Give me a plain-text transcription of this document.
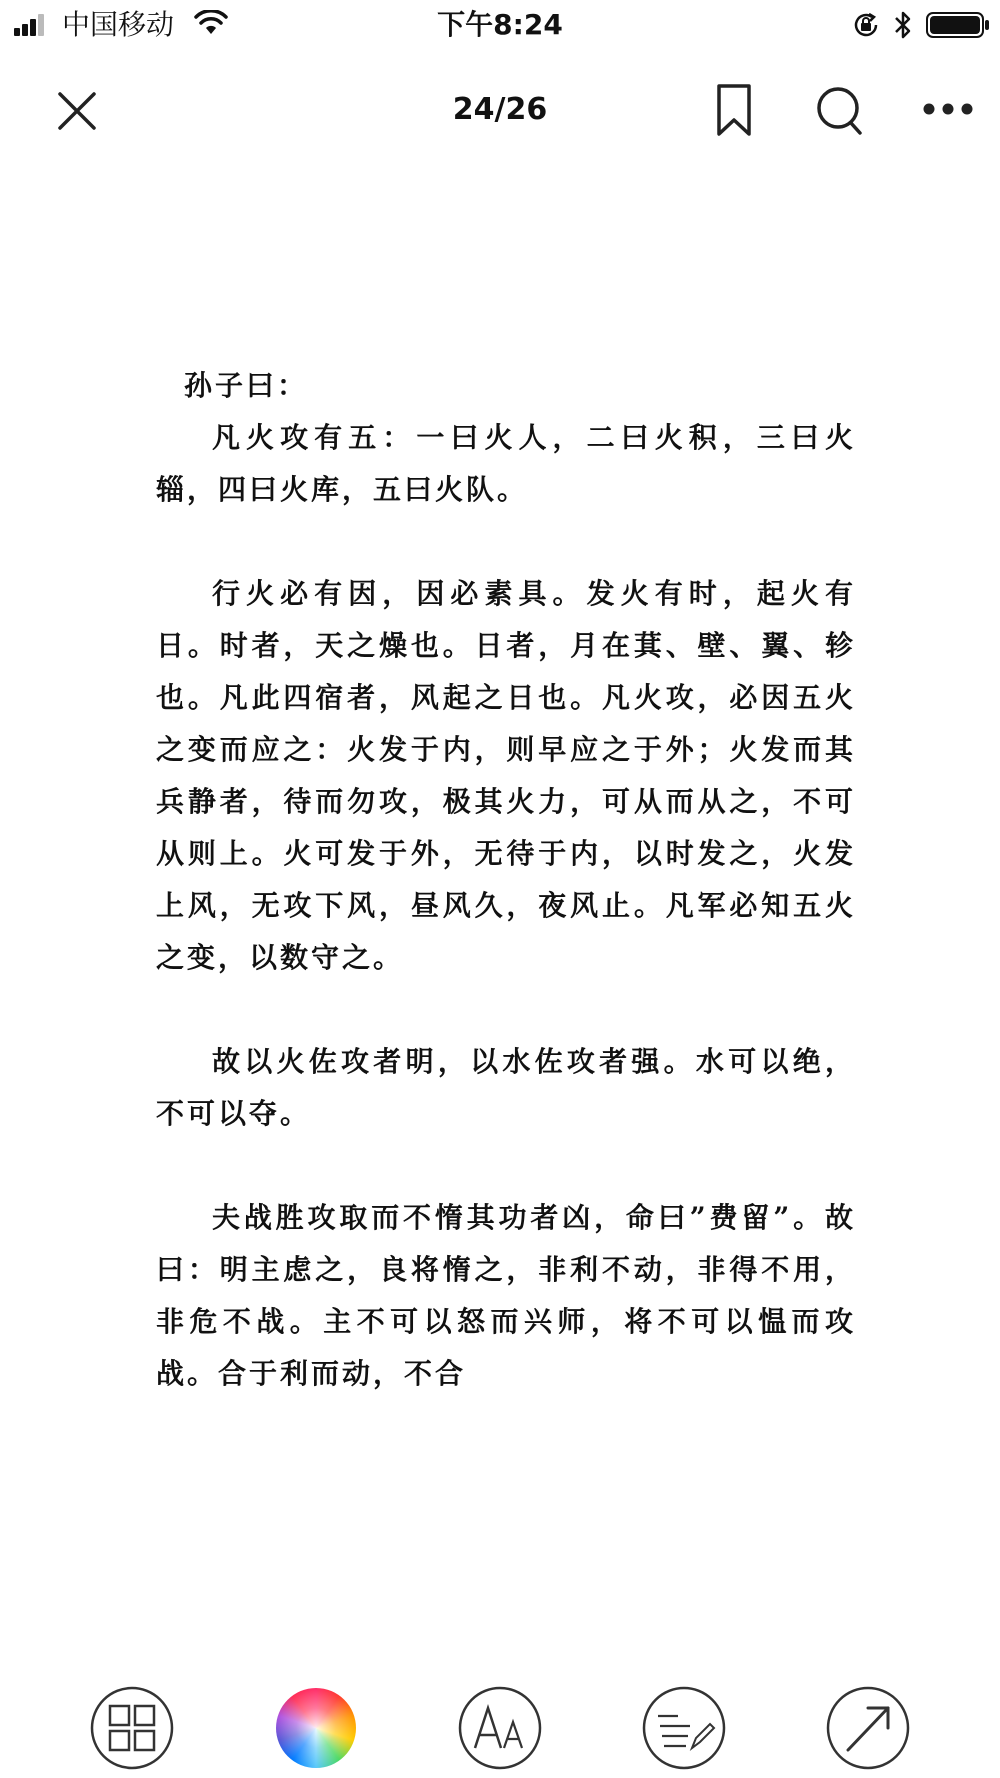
中国移动	下午8:24
24/26

孙子曰：

凡火攻有五：一曰火人，二曰火积，三曰火辎，四曰火库，五曰火队。

行火必有因，因必素具。发火有时，起火有日。时者，天之燥也。日者，月在萁、壁、翼、轸也。凡此四宿者，风起之日也。凡火攻，必因五火之变而应之：火发于内，则早应之于外；火发而其兵静者，待而勿攻，极其火力，可从而从之，不可从则上。火可发于外，无待于内，以时发之，火发上风，无攻下风，昼风久，夜风止。凡军必知五火之变，以数守之。

故以火佐攻者明，以水佐攻者强。水可以绝，不可以夺。

夫战胜攻取而不惰其功者凶，命曰”费留”。故曰：明主虑之，良将惰之，非利不动，非得不用，非危不战。主不可以怒而兴师，将不可以愠而攻战。合于利而动，不合
